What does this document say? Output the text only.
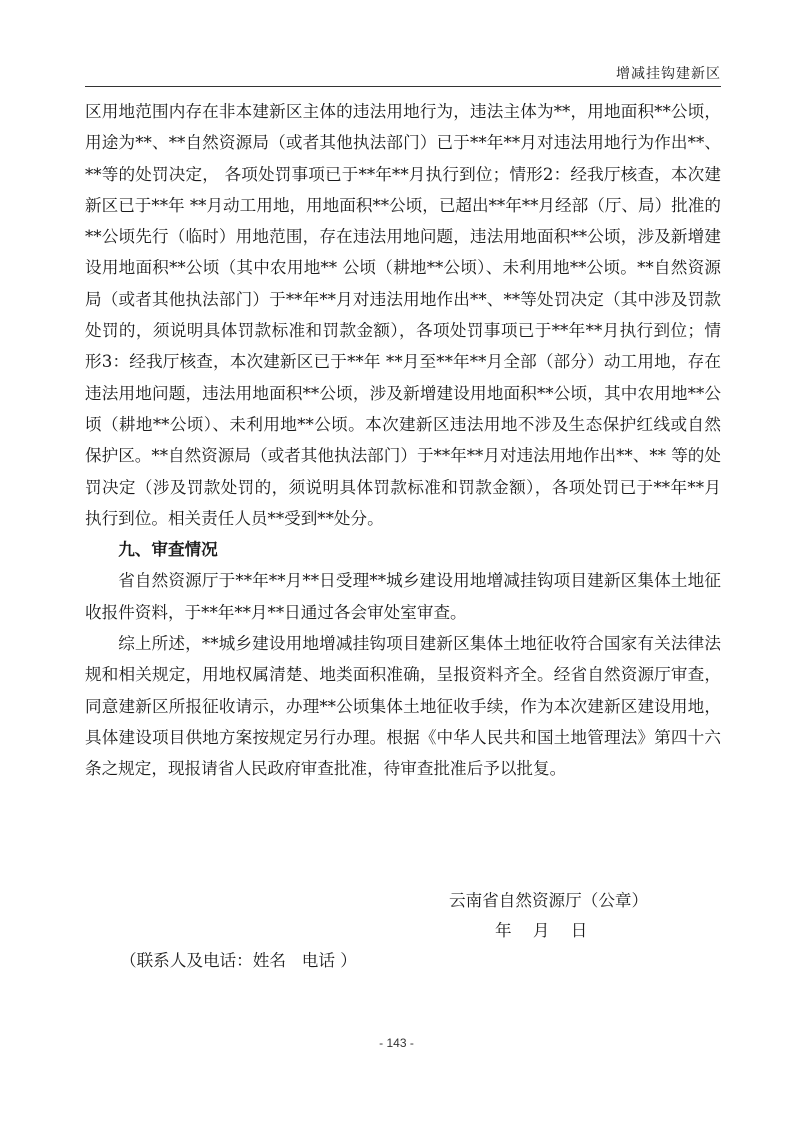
增减挂钩建新区

区用地范围内存在非本建新区主体的违法用地行为，违法主体为**，用地面积**公顷，用途为**、**自然资源局（或者其他执法部门）已于**年**月对违法用地行为作出**、**等的处罚决定， 各项处罚事项已于**年**月执行到位；情形2：经我厅核查，本次建新区已于**年 **月动工用地，用地面积**公顷，已超出**年**月经部（厅、局）批准的**公顷先行（临时）用地范围，存在违法用地问题，违法用地面积**公顷，涉及新增建设用地面积**公顷（其中农用地** 公顷（耕地**公顷）、未利用地**公顷。**自然资源局（或者其他执法部门）于**年**月对违法用地作出**、**等处罚决定（其中涉及罚款处罚的，须说明具体罚款标准和罚款金额），各项处罚事项已于**年**月执行到位；情形3：经我厅核查，本次建新区已于**年 **月至**年**月全部（部分）动工用地，存在违法用地问题，违法用地面积**公顷，涉及新增建设用地面积**公顷，其中农用地**公顷（耕地**公顷）、未利用地**公顷。本次建新区违法用地不涉及生态保护红线或自然保护区。**自然资源局（或者其他执法部门）于**年**月对违法用地作出**、** 等的处罚决定（涉及罚款处罚的，须说明具体罚款标准和罚款金额），各项处罚已于**年**月执行到位。相关责任人员**受到**处分。

九、审查情况

省自然资源厅于**年**月**日受理**城乡建设用地增减挂钩项目建新区集体土地征收报件资料，于**年**月**日通过各会审处室审查。

综上所述，**城乡建设用地增减挂钩项目建新区集体土地征收符合国家有关法律法规和相关规定，用地权属清楚、地类面积准确，呈报资料齐全。经省自然资源厅审查，同意建新区所报征收请示，办理**公顷集体土地征收手续，作为本次建新区建设用地，具体建设项目供地方案按规定另行办理。根据《中华人民共和国土地管理法》第四十六条之规定，现报请省人民政府审查批准，待审查批准后予以批复。

云南省自然资源厅（公章）
年 月 日
（联系人及电话：姓名   电话 ）
- 143 -
